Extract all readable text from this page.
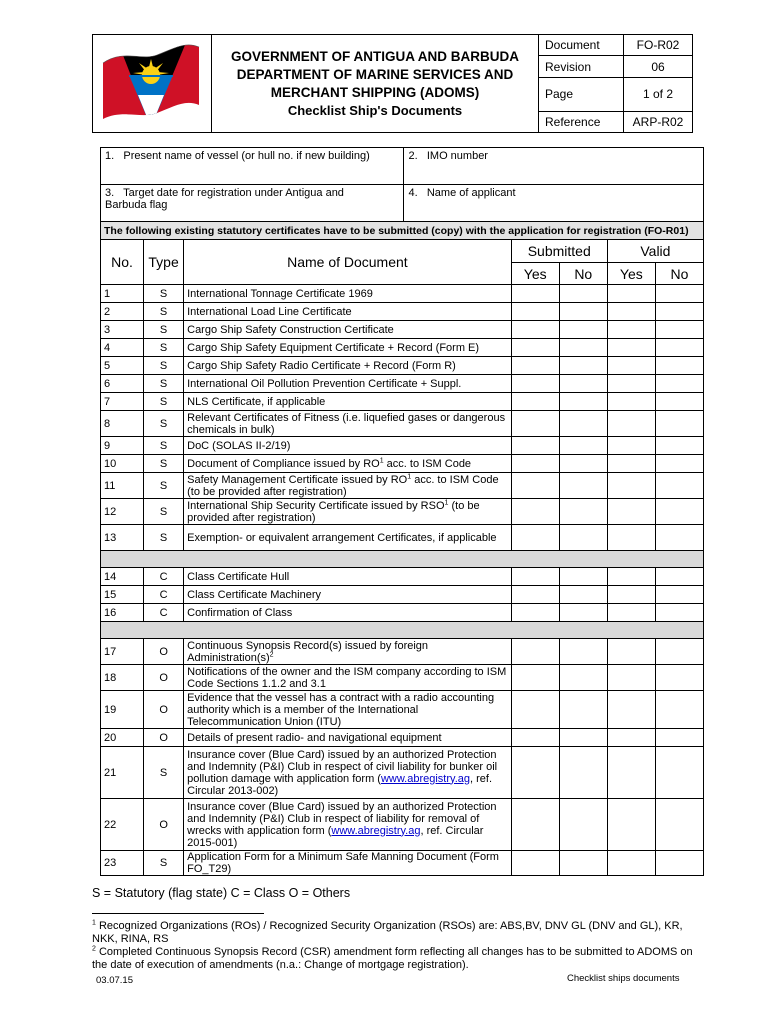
GOVERNMENT OF ANTIGUA AND BARBUDA
DEPARTMENT OF MARINE SERVICES AND
MERCHANT SHIPPING (ADOMS)
Checklist Ship's Documents	Document	FO-R02
		Revision	06
		Page	1 of 2
		Reference	ARP-R02
1. Present name of vessel (or hull no. if new building)			2. IMO number				
3. Target date for registration under Antigua and Barbuda flag			4. Name of applicant				
The following existing statutory certificates have to be submitted (copy) with the application for registration (FO-R01)							
No.	Type	Name of Document		Submitted		Valid	
				Yes	No	Yes	No
1	S	International Tonnage Certificate 1969					
2	S	International Load Line Certificate					
3	S	Cargo Ship Safety Construction Certificate					
4	S	Cargo Ship Safety Equipment Certificate + Record (Form E)					
5	S	Cargo Ship Safety Radio Certificate + Record (Form R)					
6	S	International Oil Pollution Prevention Certificate + Suppl.					
7	S	NLS Certificate, if applicable					
8	S	Relevant Certificates of Fitness (i.e. liquefied gases or dangerous chemicals in bulk)					
9	S	DoC (SOLAS II-2/19)					
10	S	Document of Compliance issued by $RO^1$ acc. to ISM Code					
11	S	Safety Management Certificate issued by $RO^1$ acc. to ISM Code (to be provided after registration)					
12	S	International Ship Security Certificate issued by RSO$^1$ (to be provided after registration)					
13	S	Exemption- or equivalent arrangement Certificates, if applicable					

14	C	Class Certificate Hull					
15	C	Class Certificate Machinery					
16	C	Confirmation of Class					

17	O	Continuous Synopsis Record(s) issued by foreign $Administration(s)^2$				
18	O	Notifications of the owner and the ISM company according to ISM Code Sections 1.1.2 and 3.1					
19	O	Evidence that the vessel has a contract with a radio accounting authority which is a member of the International Telecommunication Union (ITU)					
20	O	Details of present radio- and navigational equipment					
21	S	Insurance cover (Blue Card) issued by an authorized Protection and Indemnity (P&I) Club in respect of civil liability for bunker oil pollution damage with application form (www.abregistry.ag, ref. Circular 2013-002)					
22	O	Insurance cover (Blue Card) issued by an authorized Protection and Indemnity (P&I) Club in respect of liability for removal of wrecks with application form (www.abregistry.ag, ref. Circular 2015-001)					
23	S	Application Form for a Minimum Safe Manning Document (Form FO_T29)					
S = Statutory (flag state) C = Class O = Others
$^1$ Recognized Organizations (ROs) / Recognized Security Organization (RSOs) are: ABS,BV, DNV GL (DNV and GL), KR, NKK, RINA, RS
$^2$ Completed Continuous Synopsis Record (CSR) amendment form reflecting all changes has to be submitted to ADOMS on the date of execution of amendments (n.a.: Change of mortgage registration).
03.07.15	Checklist ships documents
